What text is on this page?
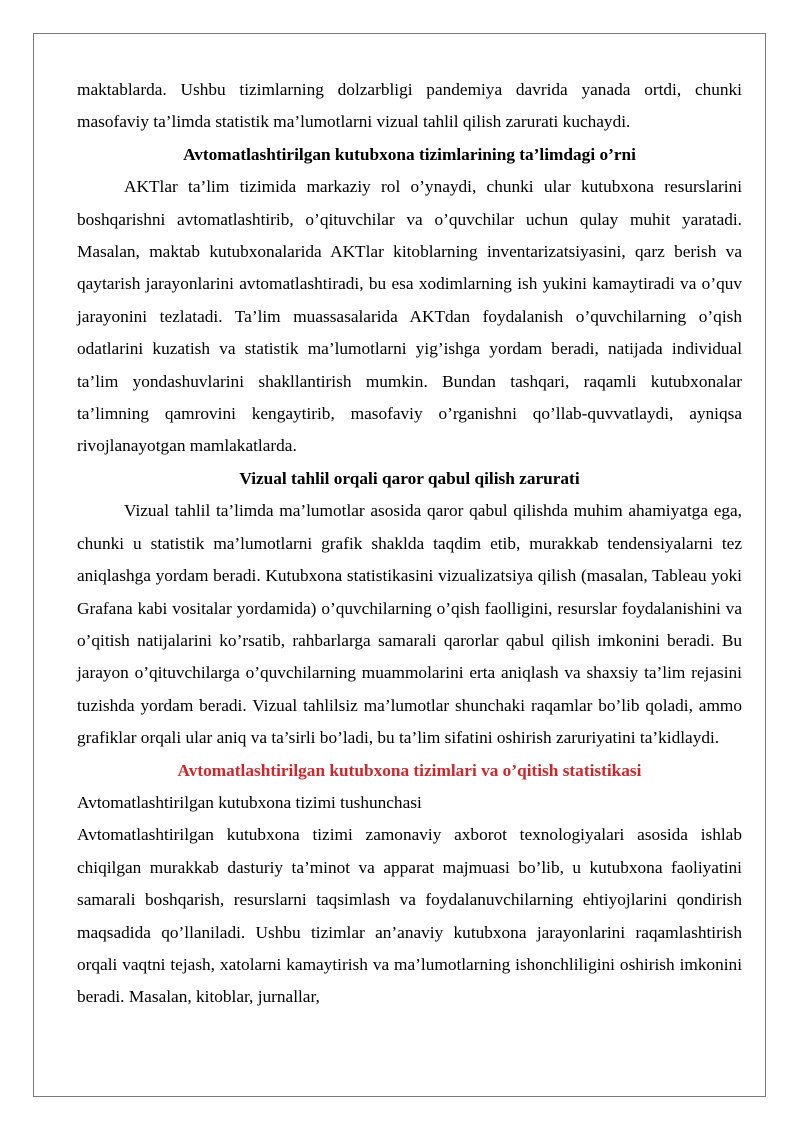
maktablarda. Ushbu tizimlarning dolzarbligi pandemiya davrida yanada ortdi, chunki masofaviy ta’limda statistik ma’lumotlarni vizual tahlil qilish zarurati kuchaydi.

Avtomatlashtirilgan kutubxona tizimlarining ta’limdagi o’rni

AKTlar ta’lim tizimida markaziy rol o’ynaydi, chunki ular kutubxona resurslarini boshqarishni avtomatlashtirib, o’qituvchilar va o’quvchilar uchun qulay muhit yaratadi. Masalan, maktab kutubxonalarida AKTlar kitoblarning inventarizatsiyasini, qarz berish va qaytarish jarayonlarini avtomatlashtiradi, bu esa xodimlarning ish yukini kamaytiradi va o’quv jarayonini tezlatadi. Ta’lim muassasalarida AKTdan foydalanish o’quvchilarning o’qish odatlarini kuzatish va statistik ma’lumotlarni yig’ishga yordam beradi, natijada individual ta’lim yondashuvlarini shakllantirish mumkin. Bundan tashqari, raqamli kutubxonalar ta’limning qamrovini kengaytirib, masofaviy o’rganishni qo’llab-quvvatlaydi, ayniqsa rivojlanayotgan mamlakatlarda.

Vizual tahlil orqali qaror qabul qilish zarurati

Vizual tahlil ta’limda ma’lumotlar asosida qaror qabul qilishda muhim ahamiyatga ega, chunki u statistik ma’lumotlarni grafik shaklda taqdim etib, murakkab tendensiyalarni tez aniqlashga yordam beradi. Kutubxona statistikasini vizualizatsiya qilish (masalan, Tableau yoki Grafana kabi vositalar yordamida) o’quvchilarning o’qish faolligini, resurslar foydalanishini va o’qitish natijalarini ko’rsatib, rahbarlarga samarali qarorlar qabul qilish imkonini beradi. Bu jarayon o’qituvchilarga o’quvchilarning muammolarini erta aniqlash va shaxsiy ta’lim rejasini tuzishda yordam beradi. Vizual tahlilsiz ma’lumotlar shunchaki raqamlar bo’lib qoladi, ammo grafiklar orqali ular aniq va ta’sirli bo’ladi, bu ta’lim sifatini oshirish zaruriyatini ta’kidlaydi.

Avtomatlashtirilgan kutubxona tizimlari va o’qitish statistikasi

Avtomatlashtirilgan kutubxona tizimi tushunchasi

Avtomatlashtirilgan kutubxona tizimi zamonaviy axborot texnologiyalari asosida ishlab chiqilgan murakkab dasturiy ta’minot va apparat majmuasi bo’lib, u kutubxona faoliyatini samarali boshqarish, resurslarni taqsimlash va foydalanuvchilarning ehtiyojlarini qondirish maqsadida qo’llaniladi. Ushbu tizimlar an’anaviy kutubxona jarayonlarini raqamlashtirish orqali vaqtni tejash, xatolarni kamaytirish va ma’lumotlarning ishonchliligini oshirish imkonini beradi. Masalan, kitoblar, jurnallar,
